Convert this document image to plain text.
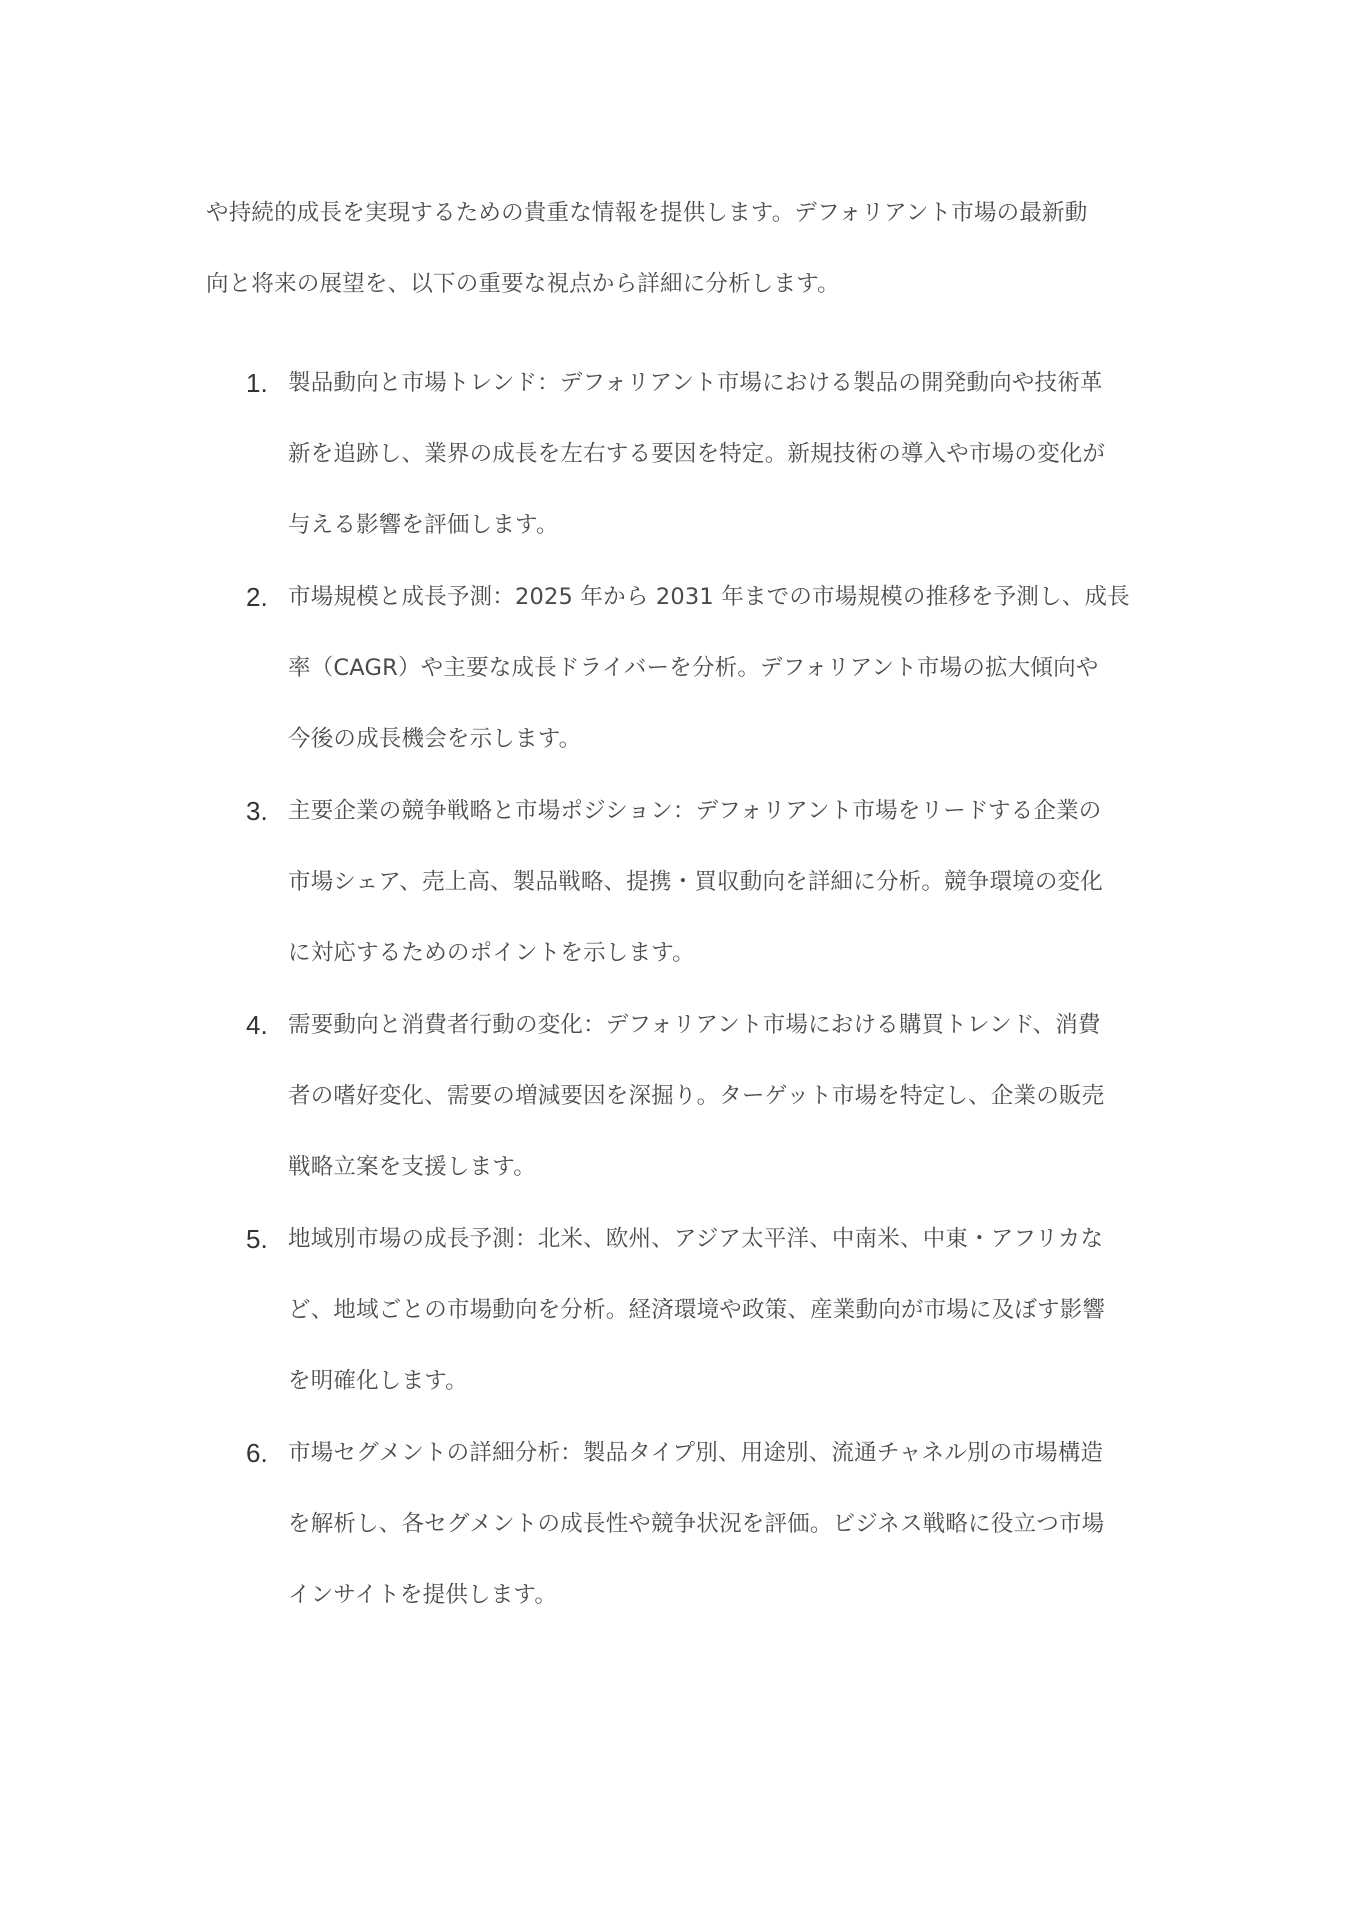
や持続的成長を実現するための貴重な情報を提供します。デフォリアント市場の最新動
向と将来の展望を、以下の重要な視点から詳細に分析します。

1. 製品動向と市場トレンド：デフォリアント市場における製品の開発動向や技術革
新を追跡し、業界の成長を左右する要因を特定。新規技術の導入や市場の変化が
与える影響を評価します。
2. 市場規模と成長予測：2025 年から 2031 年までの市場規模の推移を予測し、成長
率（CAGR）や主要な成長ドライバーを分析。デフォリアント市場の拡大傾向や
今後の成長機会を示します。
3. 主要企業の競争戦略と市場ポジション：デフォリアント市場をリードする企業の
市場シェア、売上高、製品戦略、提携・買収動向を詳細に分析。競争環境の変化
に対応するためのポイントを示します。
4. 需要動向と消費者行動の変化：デフォリアント市場における購買トレンド、消費
者の嗜好変化、需要の増減要因を深掘り。ターゲット市場を特定し、企業の販売
戦略立案を支援します。
5. 地域別市場の成長予測：北米、欧州、アジア太平洋、中南米、中東・アフリカな
ど、地域ごとの市場動向を分析。経済環境や政策、産業動向が市場に及ぼす影響
を明確化します。
6. 市場セグメントの詳細分析：製品タイプ別、用途別、流通チャネル別の市場構造
を解析し、各セグメントの成長性や競争状況を評価。ビジネス戦略に役立つ市場
インサイトを提供します。
